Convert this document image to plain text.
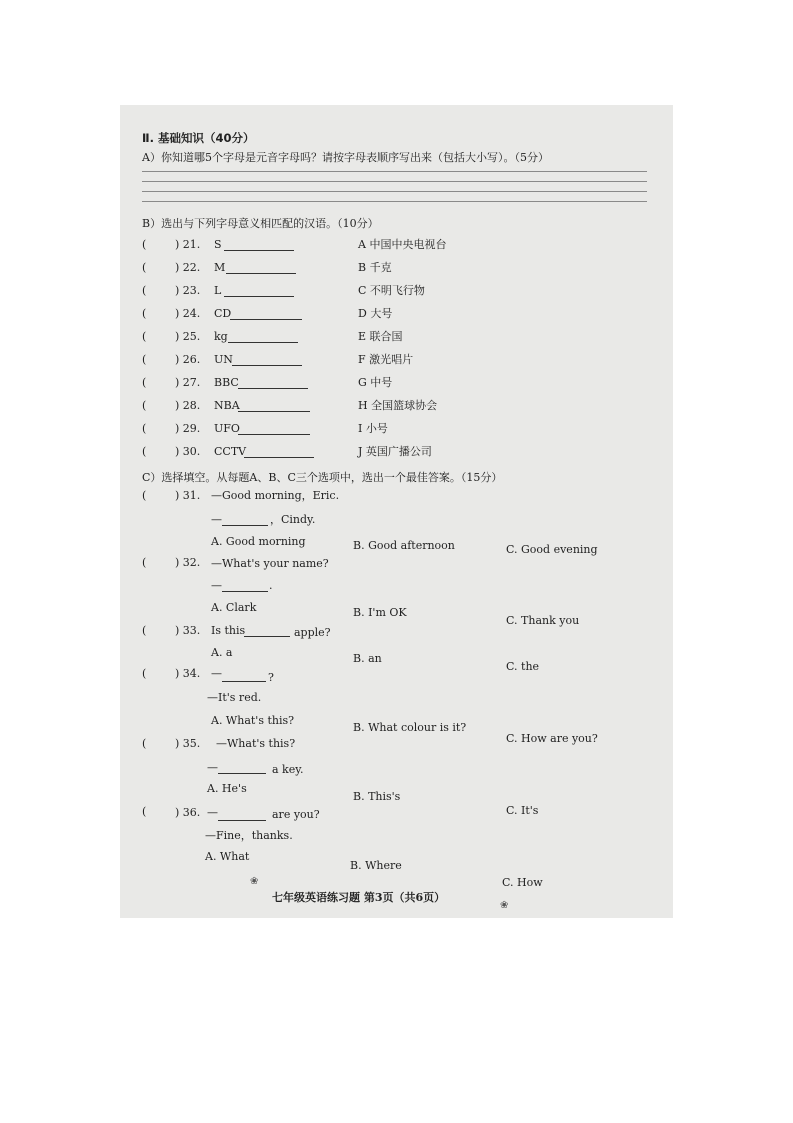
Ⅱ. 基础知识（40分）
A）你知道哪5个字母是元音字母吗？请按字母表顺序写出来（包括大小写）。（5分）
B）选出与下列字母意义相匹配的汉语。（10分）
(	) 21. S	A 中国中央电视台
(	) 22. M	B 千克
(	) 23. L	C 不明飞行物
(	) 24. CD	D 大号
(	) 25. kg	E 联合国
(	) 26. UN	F 激光唱片
(	) 27. BBC	G 中号
(	) 28. NBA	H 全国篮球协会
(	) 29. UFO	I 小号
(	) 30. CCTV	J 英国广播公司
C）选择填空。从每题A、B、C三个选项中，选出一个最佳答案。（15分）
(	) 31. —Good morning，Eric.
—	，Cindy.
A. Good morning	B. Good afternoon	C. Good evening
(	) 32. —What's your name?
—	.
A. Clark	B. I'm OK
C. Thank you
(	) 33. Is this	apple?
A. a	B. an
C. the
(	) 34. —	?
—It's red.
A. What's this?
B. What colour is it?
C. How are you?
(	) 35. —What's this?
—	a key.
A. He's
B. This's
C. It's
(	) 36. —	are you?
—Fine，thanks.
A. What
B. Where
C. How
❀
七年级英语练习题 第3页（共6页）
❀
